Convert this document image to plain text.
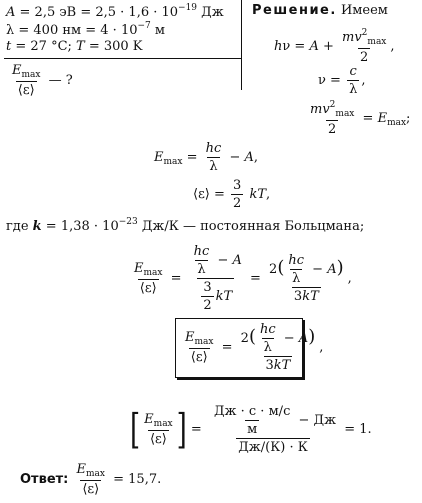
A = 2,5 эВ = $2,5 \cdot 1,6 \cdot 10^{-19}$ Дж
λ = 400 нм = $4 \cdot 10^{-7}$ м
t = 27 °C; T = 300 K
$\frac{E_{max}}{⟨\varepsilon⟩}$ — ?
Решение. Имеем
$h\nu = A + \frac{mv^2_{max}}{2}$ ,
$\nu = \frac{c}{\lambda}$ ,
$\frac{mv^2_{max}}{2} = E_{max}$;
$E_{max} = \frac{hc}{\lambda} - A$,
⟨ε⟩ = $\frac{3}{2}$ kT,
где $k = 1,38 \cdot 10^{-23}$ Дж/К — постоянная Больцмана;
$\frac{E_{max}}{⟨\varepsilon⟩} = \frac{\frac{hc}{\lambda} - A}{\frac{3}{2} kT} = \frac{2( \frac{hc}{\lambda} - A)}{3kT}$ ,
$\frac{E_{max}}{⟨\varepsilon⟩} = \frac{2( \frac{hc}{\lambda} - A)}{3kT}$ ,
[ $\frac{E_{max}}{⟨\varepsilon⟩}$ ] = $\frac{\frac{Дж \cdot с \cdot м/с}{м} - Дж}{Дж/(К) \cdot К} = 1$.
Ответ: $\frac{E_{max}}{⟨\varepsilon⟩} = 15,7$.
